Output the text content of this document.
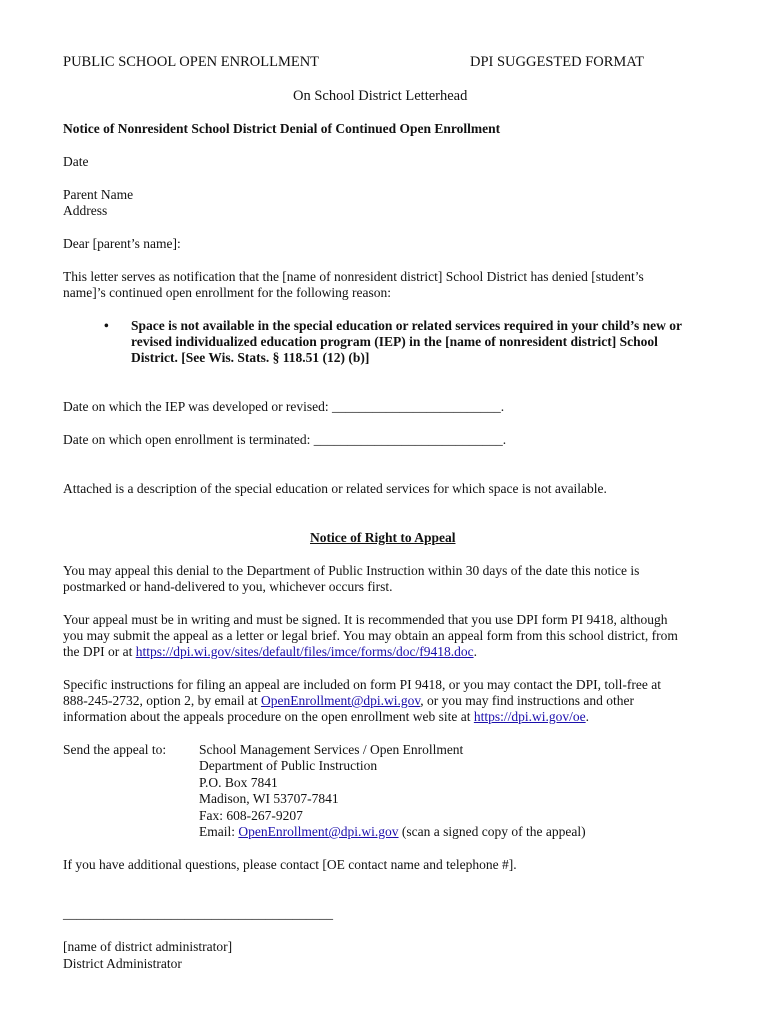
PUBLIC SCHOOL OPEN ENROLLMENT	DPI SUGGESTED FORMAT
On School District Letterhead
Notice of Nonresident School District Denial of Continued Open Enrollment
Date
Parent Name
Address
Dear [parent’s name]:
This letter serves as notification that the [name of nonresident district] School District has denied [student’s
name]’s continued open enrollment for the following reason:
• Space is not available in the special education or related services required in your child’s new or
revised individualized education program (IEP) in the [name of nonresident district] School
District. [See Wis. Stats. § 118.51 (12) (b)]
Date on which the IEP was developed or revised: _________________________.
Date on which open enrollment is terminated: ____________________________.
Attached is a description of the special education or related services for which space is not available.
Notice of Right to Appeal
You may appeal this denial to the Department of Public Instruction within 30 days of the date this notice is
postmarked or hand-delivered to you, whichever occurs first.
Your appeal must be in writing and must be signed. It is recommended that you use DPI form PI 9418, although
you may submit the appeal as a letter or legal brief. You may obtain an appeal form from this school district, from
the DPI or at https://dpi.wi.gov/sites/default/files/imce/forms/doc/f9418.doc.
Specific instructions for filing an appeal are included on form PI 9418, or you may contact the DPI, toll-free at
888-245-2732, option 2, by email at OpenEnrollment@dpi.wi.gov, or you may find instructions and other
information about the appeals procedure on the open enrollment web site at https://dpi.wi.gov/oe.
Send the appeal to: School Management Services / Open Enrollment
Department of Public Instruction
P.O. Box 7841
Madison, WI 53707-7841
Fax: 608-267-9207
Email: OpenEnrollment@dpi.wi.gov (scan a signed copy of the appeal)
If you have additional questions, please contact [OE contact name and telephone #].
________________________________________
[name of district administrator]
District Administrator
